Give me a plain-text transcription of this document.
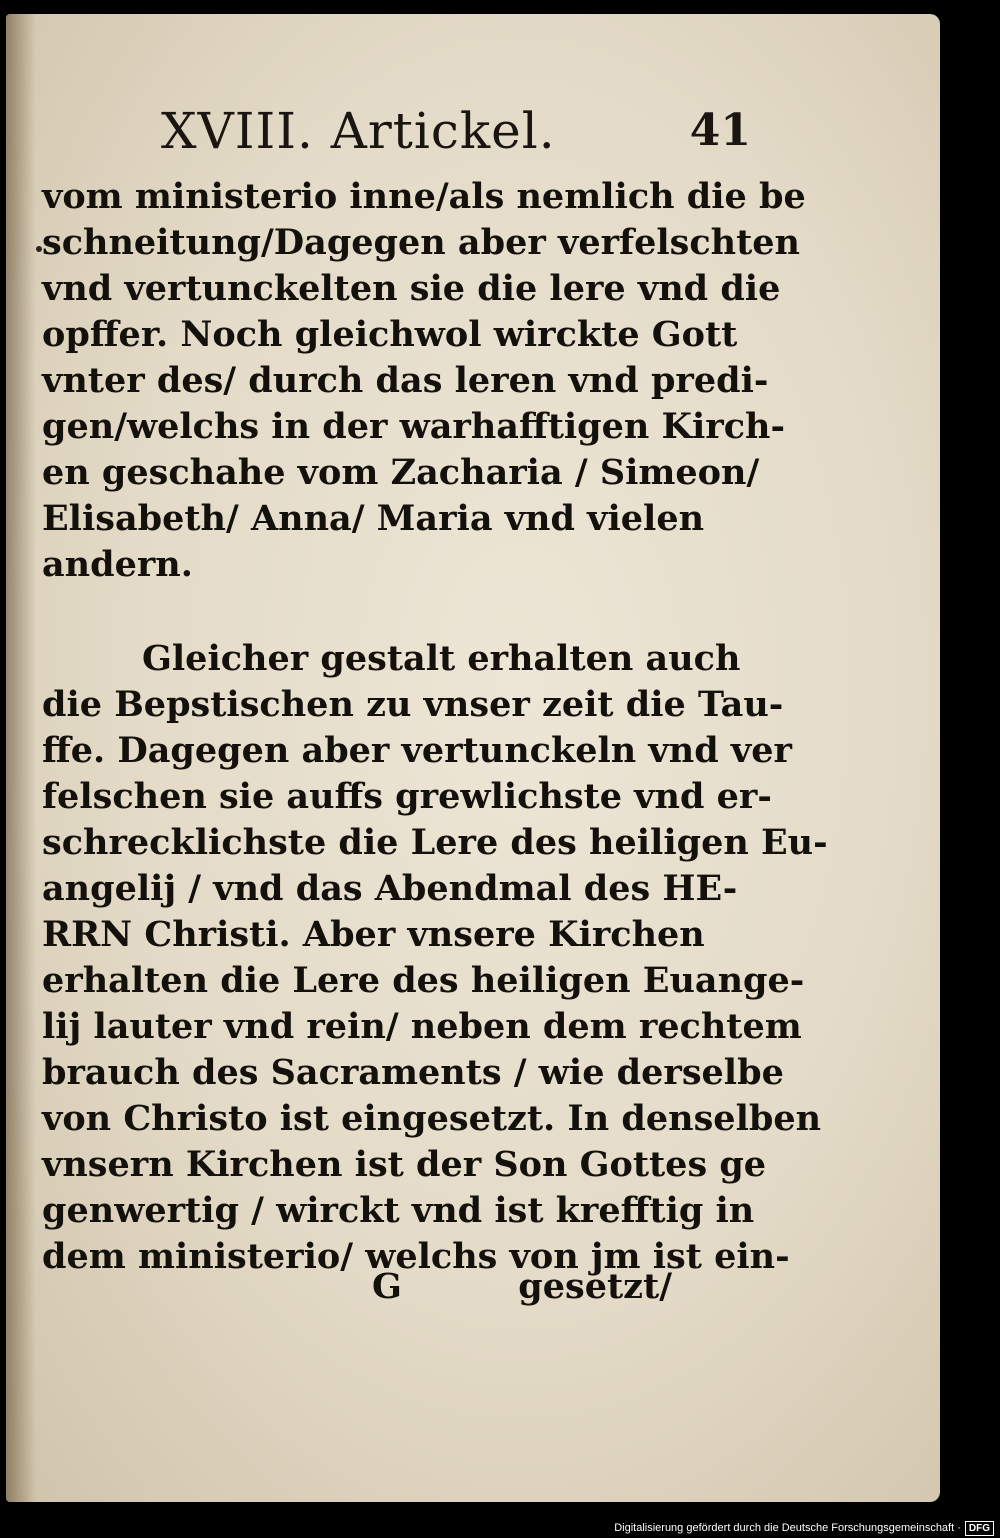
XVIII. Artickel.	41
vom ministerio inne/als nemlich die be
schneitung/Dagegen aber verfelschten
vnd vertunckelten sie die lere vnd die
opffer. Noch gleichwol wirckte Gott
vnter des/ durch das leren vnd predi-
gen/welchs in der warhafftigen Kirch-
en geschahe vom Zacharia / Simeon/
Elisabeth/ Anna/ Maria vnd vielen
andern.
Gleicher gestalt erhalten auch
die Bepstischen zu vnser zeit die Tau-
ffe. Dagegen aber vertunckeln vnd ver
felschen sie auffs grewlichste vnd er-
schrecklichste die Lere des heiligen Eu-
angelij / vnd das Abendmal des HE-
RRN Christi. Aber vnsere Kirchen
erhalten die Lere des heiligen Euange-
lij lauter vnd rein/ neben dem rechtem
brauch des Sacraments / wie derselbe
von Christo ist eingesetzt. In denselben
vnsern Kirchen ist der Son Gottes ge
genwertig / wirckt vnd ist krefftig in
dem ministerio/ welchs von jm ist ein-
G	gesetzt/
Digitalisierung gefördert durch die Deutsche Forschungsgemeinschaft · DFG
